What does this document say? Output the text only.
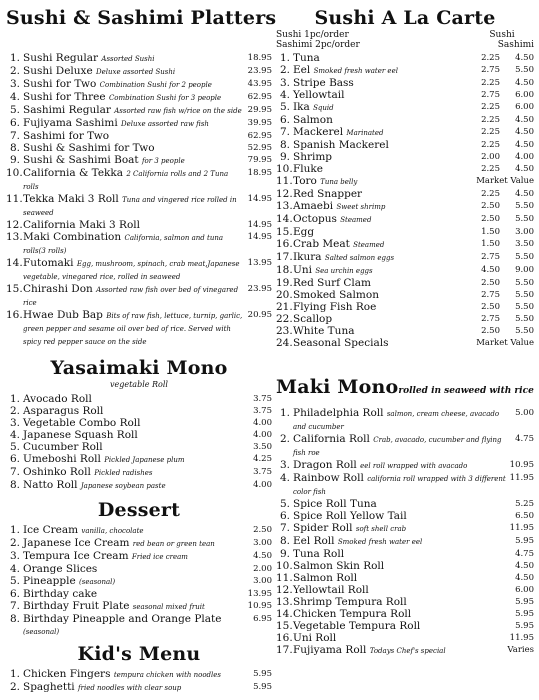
Sushi & Sashimi Platters
1. Sushi Regular Assorted Sushi	18.95
2. Sushi Deluxe Deluxe assorted Sushi	23.95
3. Sushi for Two Combination Sushi for 2 people	43.95
4. Sushi for Three Combination Sushi for 3 people	62.95
5. Sashimi Regular Assorted raw fish w/rice on the side 29.95
6. Fujiyama Sashimi Deluxe assorted raw fish	39.95
7. Sashimi for Two	62.95
8. Sushi & Sashimi for Two	52.95
9. Sushi & Sashimi Boat for 3 people	79.95
10. California & Tekka 2 California rolls and 2 Tuna rolls
18.95
11. Tekka Maki 3 Roll Tuna and vingered rice rolled in seaweed
14.95
12. California Maki 3 Roll	14.95
13. Maki Combination California, salmon and tuna rolls(3 rolls)
14.95
14. Futomaki Egg, mushroom, spinach, crab meat,Japanese vegetable, vinegared rice, rolled in seaweed
13.95
15. Chirashi Don Assorted raw fish over bed of vinegared rice
23.95
16. Hwae Dub Bap Bits of raw fish, lettuce, turnip, garlic, green pepper and sesame oil over bed of rice. Served with spicy red pepper sauce on the side
20.95
Yasaimaki Mono
vegetable Roll
1. Avocado Roll	3.75
2. Asparagus Roll	3.75
3. Vegetable Combo Roll	4.00
4. Japanese Squash Roll	4.00
5. Cucumber Roll	3.50
6. Umeboshi Roll Pickled Japanese plum	4.25
7. Oshinko Roll Pickled radishes	3.75
8. Natto Roll Japanese soybean paste	4.00
Dessert
1. Ice Cream vanilla, chocolate	2.50
2. Japanese Ice Cream red bean or green tean	3.00
3. Tempura Ice Cream Fried ice cream	4.50
4. Orange Slices	2.00
5. Pineapple (seasonal)	3.00
6. Birthday cake	13.95
7. Birthday Fruit Plate seasonal mixed fruit	10.95
8. Birthday Pineapple and Orange Plate (seasonal)
6.95
Kid's Menu
1. Chicken Fingers tempura chicken with noodles	5.95
2. Spaghetti fried noodles with clear soup	5.95
Sushi A La Carte
Sushi 1pc/order	Sushi
Sashimi 2pc/order	Sashimi
1. Tuna	2.25	4.50
2. Eel Smoked fresh water eel	2.75	5.50
3. Stripe Bass	2.25	4.50
4. Yellowtail	2.75	6.00
5. Ika Squid	2.25	6.00
6. Salmon	2.25	4.50
7. Mackerel Marinated	2.25	4.50
8. Spanish Mackerel	2.25	4.50
9. Shrimp	2.00	4.00
10. Fluke	2.25	4.50
11. Toro Tuna belly	Market Value
12. Red Snapper	2.25	4.50
13. Amaebi Sweet shrimp	2.50	5.50
14. Octopus Steamed	2.50	5.50
15. Egg	1.50	3.00
16. Crab Meat Steamed	1.50	3.50
17. Ikura Salted salmon eggs	2.75	5.50
18. Uni Sea urchin eggs	4.50	9.00
19. Red Surf Clam	2.50	5.50
20. Smoked Salmon	2.75	5.50
21. Flying Fish Roe	2.50	5.50
22. Scallop	2.75	5.50
23. White Tuna	2.50	5.50
24. Seasonal Specials	Market Value
Maki Monorolled in seaweed with rice
1. Philadelphia Roll salmon, cream cheese, avacado and cucumber
5.00
2. California Roll Crab, avacado, cucumber and flying fish roe
4.75
3. Dragon Roll eel roll wrapped with avacado	10.95
4. Rainbow Roll california roll wrapped with 3 different color fish
11.95
5. Spice Roll Tuna	5.25
6. Spice Roll Yellow Tail	6.50
7. Spider Roll soft shell crab	11.95
8. Eel Roll Smoked fresh water eel	5.95
9. Tuna Roll	4.75
10. Salmon Skin Roll	4.50
11. Salmon Roll	4.50
12. Yellowtail Roll	6.00
13. Shrimp Tempura Roll	5.95
14. Chicken Tempura Roll	5.95
15. Vegetable Tempura Roll	5.95
16. Uni Roll	11.95
17. Fujiyama Roll Todays Chef's special	Varies
